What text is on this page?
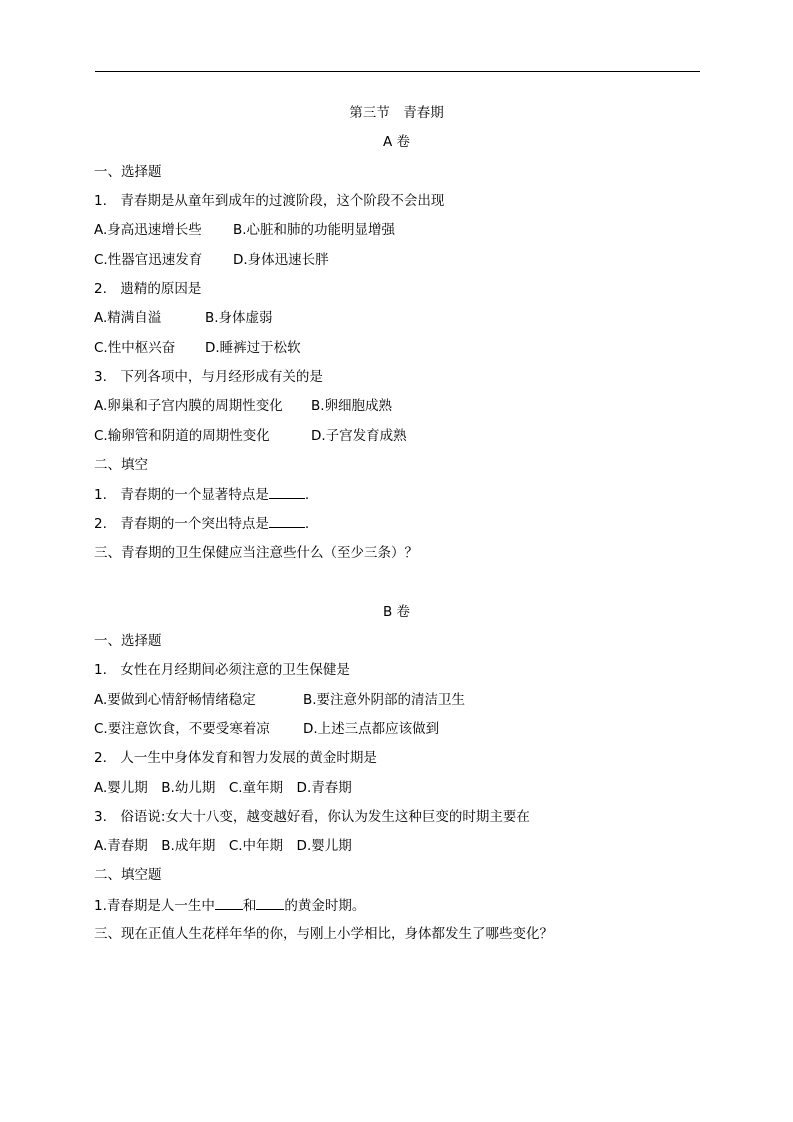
第三节　青春期
A 卷
一、选择题
1.　青春期是从童年到成年的过渡阶段，这个阶段不会出现
A.身高迅速增长些 B.心脏和肺的功能明显增强
C.性器官迅速发育 D.身体迅速长胖
2.　遗精的原因是
A.精满自溢	B.身体虚弱
C.性中枢兴奋 D.睡裤过于松软
3.　下列各项中，与月经形成有关的是
A.卵巢和子宫内膜的周期性变化 B.卵细胞成熟
C.输卵管和阴道的周期性变化	D.子宫发育成熟
二、填空
1.　青春期的一个显著特点是	.
2.　青春期的一个突出特点是	.
三、青春期的卫生保健应当注意些什么（至少三条）？
B 卷
一、选择题
1.　女性在月经期间必须注意的卫生保健是
A.要做到心情舒畅情绪稳定	B.要注意外阴部的清洁卫生
C.要注意饮食，不要受寒着凉 D.上述三点都应该做到
2.　人一生中身体发育和智力发展的黄金时期是
A.婴儿期　B.幼儿期　C.童年期　D.青春期
3.　俗语说:女大十八变，越变越好看，你认为发生这种巨变的时期主要在
A.青春期　B.成年期　C.中年期　D.婴儿期
二、填空题
1.青春期是人一生中 和 的黄金时期。
三、现在正值人生花样年华的你，与刚上小学相比，身体都发生了哪些变化？
